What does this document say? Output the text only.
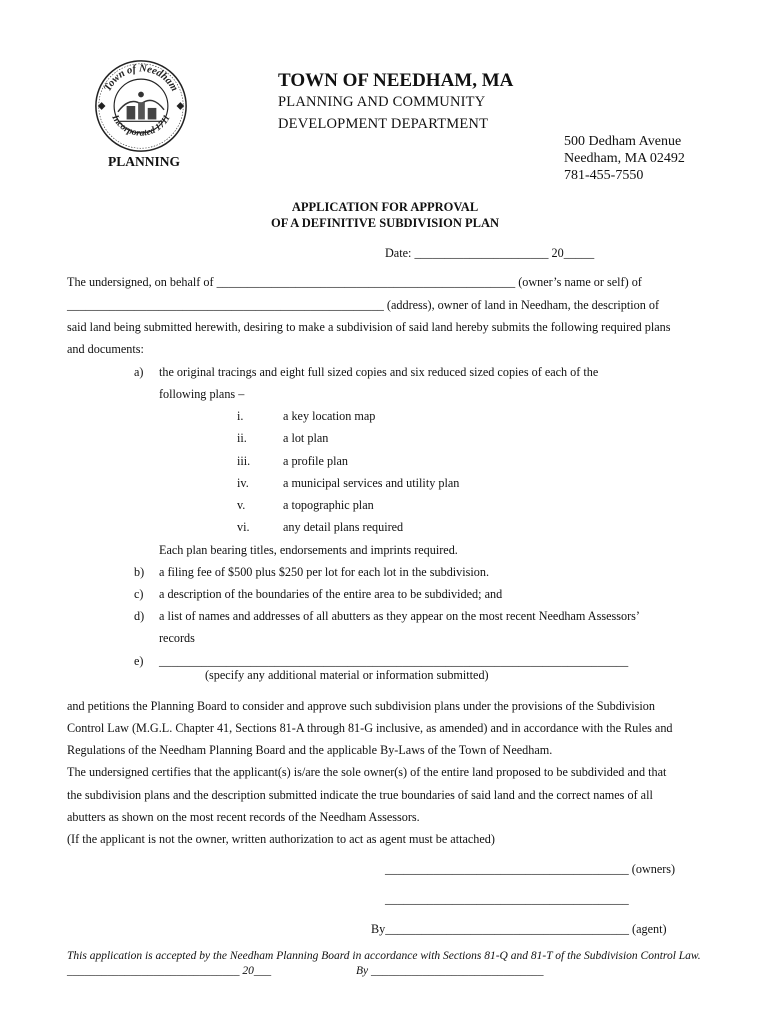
Town of Needham
Incorporated 1711
PLANNING
TOWN OF NEEDHAM, MA
PLANNING AND COMMUNITY
DEVELOPMENT DEPARTMENT
500 Dedham Avenue
Needham, MA 02492
781-455-7550
APPLICATION FOR APPROVAL
OF A DEFINITIVE SUBDIVISION PLAN
Date: ______________________ 20_____
The undersigned, on behalf of _________________________________________________ (owner’s name or self) of
____________________________________________________ (address), owner of land in Needham, the description of
said land being submitted herewith, desiring to make a subdivision of said land hereby submits the following required plans
and documents:
a) the original tracings and eight full sized copies and six reduced sized copies of each of the
following plans –
i.	a key location map
ii.	a lot plan
iii.	a profile plan
iv.	a municipal services and utility plan
v.	a topographic plan
vi.	any detail plans required
Each plan bearing titles, endorsements and imprints required.
b) a filing fee of $500 plus $250 per lot for each lot in the subdivision.
c) a description of the boundaries of the entire area to be subdivided; and
d) a list of names and addresses of all abutters as they appear on the most recent Needham Assessors’
records
e) _____________________________________________________________________________
(specify any additional material or information submitted)
and petitions the Planning Board to consider and approve such subdivision plans under the provisions of the Subdivision
Control Law (M.G.L. Chapter 41, Sections 81-A through 81-G inclusive, as amended) and in accordance with the Rules and
Regulations of the Needham Planning Board and the applicable By-Laws of the Town of Needham.
The undersigned certifies that the applicant(s) is/are the sole owner(s) of the entire land proposed to be subdivided and that
the subdivision plans and the description submitted indicate the true boundaries of said land and the correct names of all
abutters as shown on the most recent records of the Needham Assessors.
(If the applicant is not the owner, written authorization to act as agent must be attached)
________________________________________ (owners)
________________________________________
By________________________________________ (agent)
This application is accepted by the Needham Planning Board in accordance with Sections 81-Q and 81-T of the Subdivision Control Law.
______________________________ 20___	By ______________________________
